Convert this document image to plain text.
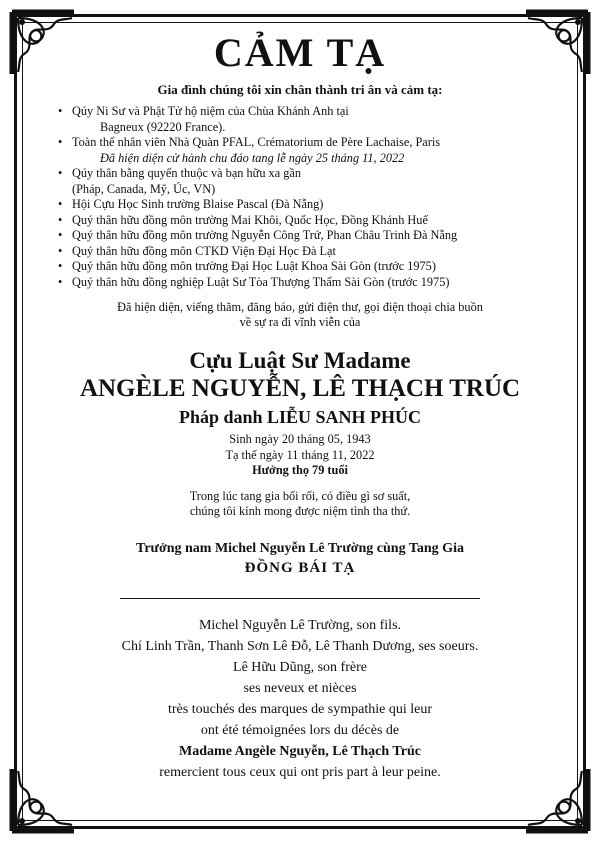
CẢM TẠ
Gia đình chúng tôi xin chân thành tri ân và cảm tạ:
• Qúy Ni Sư và Phật Tử hộ niệm của Chùa Khánh Anh tại
Bagneux (92220 France).
• Toàn thể nhân viên Nhà Quàn PFAL, Crématorium de Père Lachaise, Paris
Đã hiện diện cử hành chu đáo tang lễ ngày 25 tháng 11, 2022
• Qúy thân bằng quyến thuộc và bạn hữu xa gần
(Pháp, Canada, Mỹ, Úc, VN)
• Hội Cựu Học Sinh trường Blaise Pascal (Đà Nẵng)
• Quý thân hữu đồng môn trường Mai Khôi, Quốc Học, Đồng Khánh Huế
• Quý thân hữu đồng môn trường Nguyễn Công Trứ, Phan Châu Trinh Đà Nẵng
• Quý thân hữu đồng môn CTKD Viện Đại Học Đà Lạt
• Quý thân hữu đồng môn trường Đại Học Luật Khoa Sài Gòn (trước 1975)
• Quý thân hữu đồng nghiệp Luật Sư Tòa Thượng Thẩm Sài Gòn (trước 1975)
Đã hiện diện, viếng thăm, đăng báo, gửi điện thư, gọi điện thoại chia buồn
về sự ra đi vĩnh viễn của
Cựu Luật Sư Madame
ANGÈLE NGUYỄN, LÊ THẠCH TRÚC
Pháp danh LIỄU SANH PHÚC
Sinh ngày 20 tháng 05, 1943
Tạ thế ngày 11 tháng 11, 2022
Hưởng thọ 79 tuổi
Trong lúc tang gia bối rối, có điều gì sơ suất,
chúng tôi kính mong được niệm tình tha thứ.
Trưởng nam Michel Nguyễn Lê Trường cùng Tang Gia
ĐỒNG BÁI TẠ
Michel Nguyễn Lê Trường, son fils.
Chí Linh Trần, Thanh Sơn Lê Đỗ, Lê Thanh Dương, ses soeurs.
Lê Hữu Dũng, son frère
ses neveux et nièces
très touchés des marques de sympathie qui leur
ont été témoignées lors du décès de
Madame Angèle Nguyễn, Lê Thạch Trúc
remercient tous ceux qui ont pris part à leur peine.
